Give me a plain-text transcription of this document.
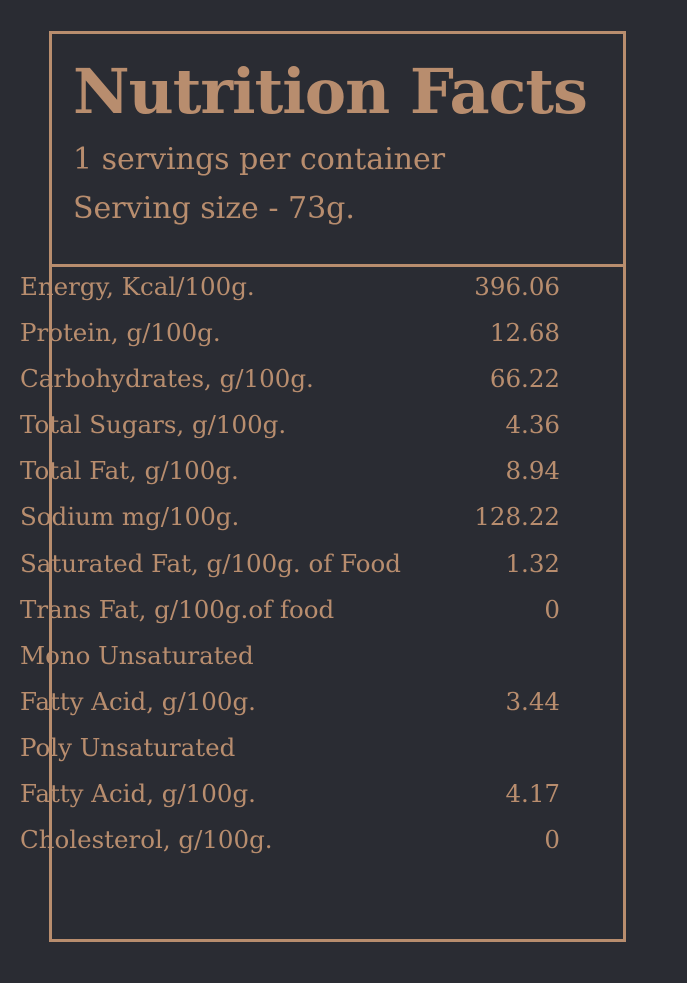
Nutrition Facts
1 servings per container
Serving size - 73g.
Energy, Kcal/100g.	396.06
Protein, g/100g.	12.68
Carbohydrates, g/100g.	66.22
Total Sugars, g/100g.	4.36
Total Fat, g/100g.	8.94
Sodium mg/100g.	128.22
Saturated Fat, g/100g. of Food	1.32
Trans Fat, g/100g.of food	0
Mono Unsaturated
Fatty Acid, g/100g.	3.44
Poly Unsaturated
Fatty Acid, g/100g.	4.17
Cholesterol, g/100g.	0
